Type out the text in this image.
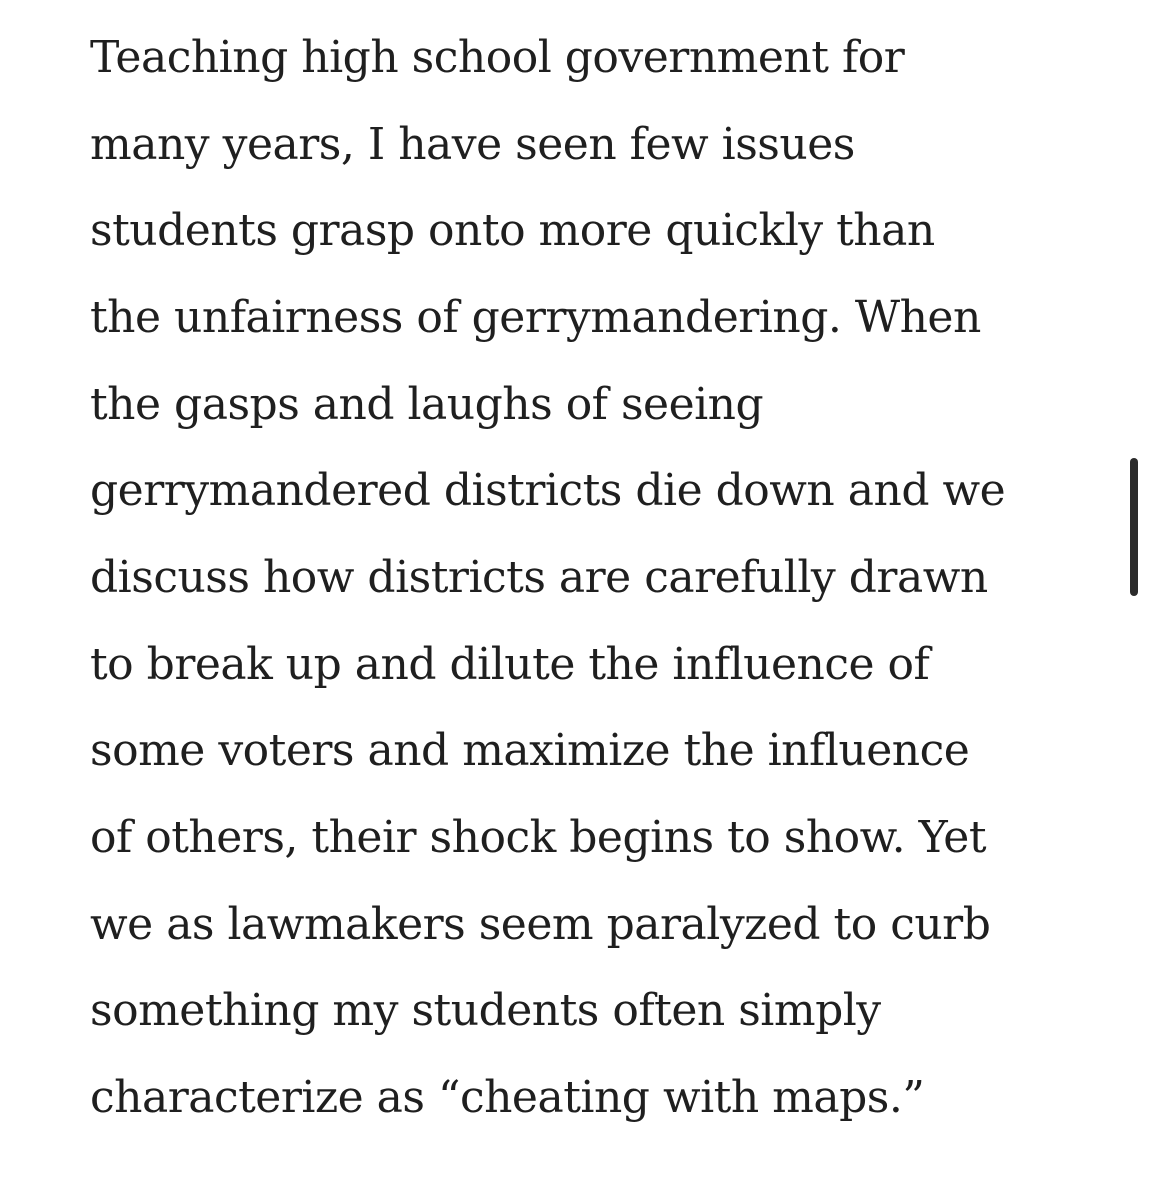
Teaching high school government for

many years, I have seen few issues

students grasp onto more quickly than

the unfairness of gerrymandering. When

the gasps and laughs of seeing

gerrymandered districts die down and we

discuss how districts are carefully drawn

to break up and dilute the influence of

some voters and maximize the influence

of others, their shock begins to show. Yet

we as lawmakers seem paralyzed to curb

something my students often simply

characterize as “cheating with maps.”
